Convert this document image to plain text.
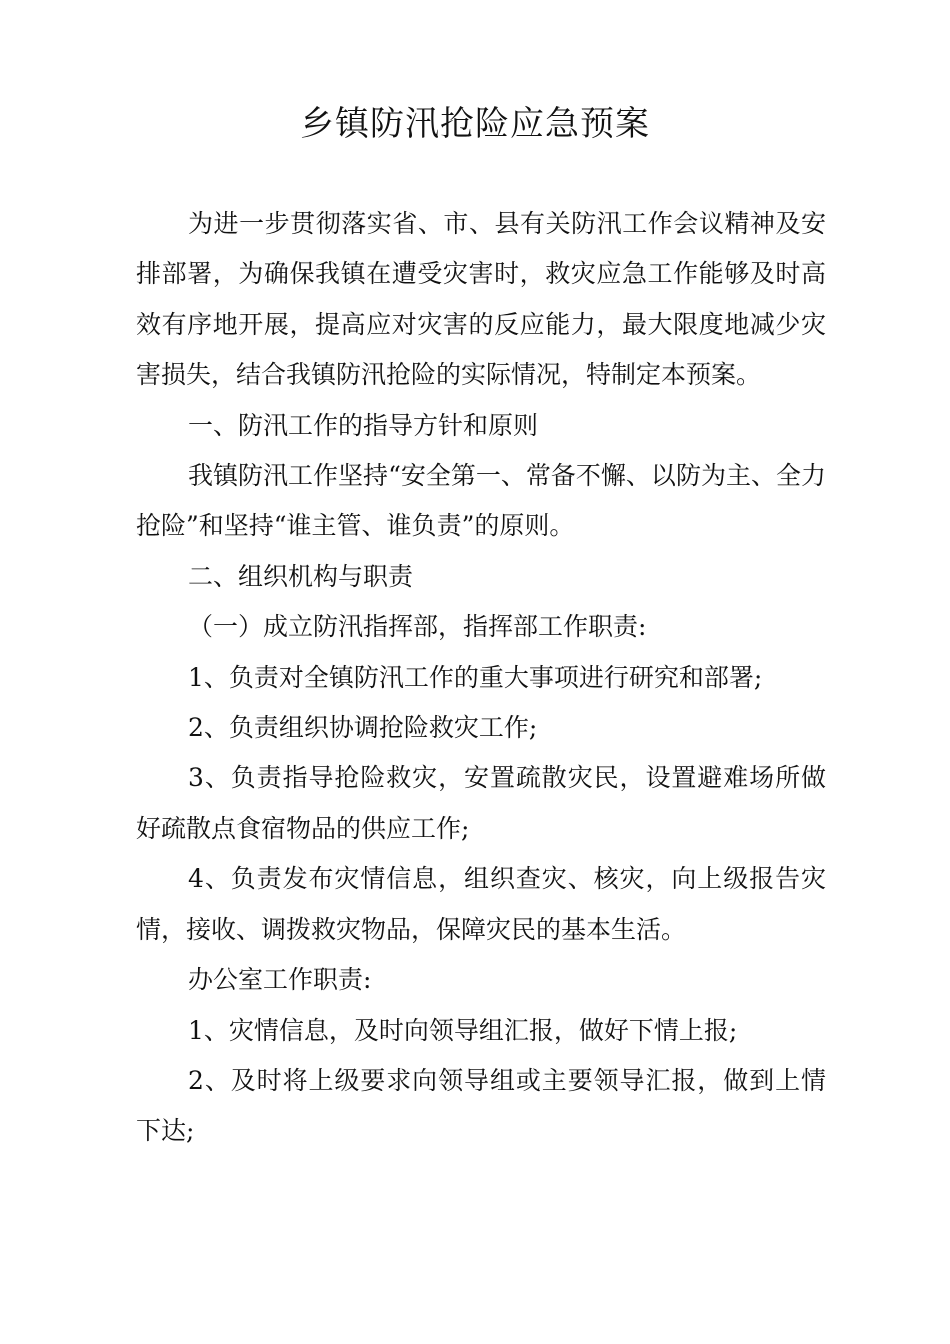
乡镇防汛抢险应急预案

为进一步贯彻落实省、市、县有关防汛工作会议精神及安排部署，为确保我镇在遭受灾害时，救灾应急工作能够及时高效有序地开展，提高应对灾害的反应能力，最大限度地减少灾害损失，结合我镇防汛抢险的实际情况，特制定本预案。

一、防汛工作的指导方针和原则

我镇防汛工作坚持“安全第一、常备不懈、以防为主、全力抢险”和坚持“谁主管、谁负责”的原则。

二、组织机构与职责

（一）成立防汛指挥部，指挥部工作职责:

1、负责对全镇防汛工作的重大事项进行研究和部署;

2、负责组织协调抢险救灾工作;

3、负责指导抢险救灾，安置疏散灾民，设置避难场所做好疏散点食宿物品的供应工作;

4、负责发布灾情信息，组织查灾、核灾，向上级报告灾情，接收、调拨救灾物品，保障灾民的基本生活。

办公室工作职责:

1、灾情信息，及时向领导组汇报，做好下情上报;

2、及时将上级要求向领导组或主要领导汇报，做到上情下达;
